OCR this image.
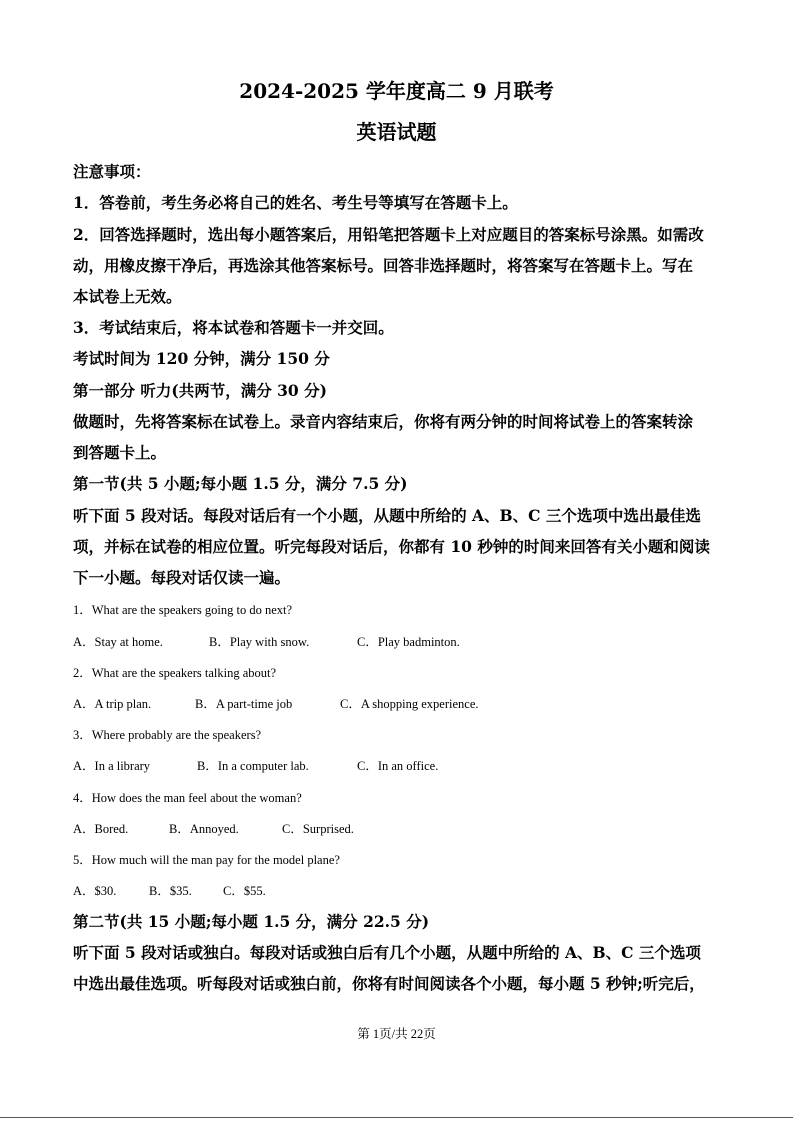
2024-2025 学年度高二 9 月联考
英语试题
注意事项：
1．答卷前，考生务必将自己的姓名、考生号等填写在答题卡上。
2．回答选择题时，选出每小题答案后，用铅笔把答题卡上对应题目的答案标号涂黑。如需改
动，用橡皮擦干净后，再选涂其他答案标号。回答非选择题时，将答案写在答题卡上。写在
本试卷上无效。
3．考试结束后，将本试卷和答题卡一并交回。
考试时间为 120 分钟，满分 150 分
第一部分 听力(共两节，满分 30 分)
做题时，先将答案标在试卷上。录音内容结束后，你将有两分钟的时间将试卷上的答案转涂
到答题卡上。
第一节(共 5 小题;每小题 1.5 分，满分 7.5 分)
听下面 5 段对话。每段对话后有一个小题，从题中所给的 A、B、C 三个选项中选出最佳选
项，并标在试卷的相应位置。听完每段对话后，你都有 10 秒钟的时间来回答有关小题和阅读
下一小题。每段对话仅读一遍。
1．What are the speakers going to do next?
A．Stay at home.	B．Play with snow.	C．Play badminton.
2．What are the speakers talking about?
A．A trip plan.	B．A part-time job	C．A shopping experience.
3．Where probably are the speakers?
A．In a library	B．In a computer lab.	C．In an office.
4．How does the man feel about the woman?
A．Bored.	B．Annoyed.	C．Surprised.
5．How much will the man pay for the model plane?
A．$30.	B．$35.	C．$55.
第二节(共 15 小题;每小题 1.5 分，满分 22.5 分)
听下面 5 段对话或独白。每段对话或独白后有几个小题，从题中所给的 A、B、C 三个选项
中选出最佳选项。听每段对话或独白前，你将有时间阅读各个小题，每小题 5 秒钟;听完后，
第 1页/共 22页
